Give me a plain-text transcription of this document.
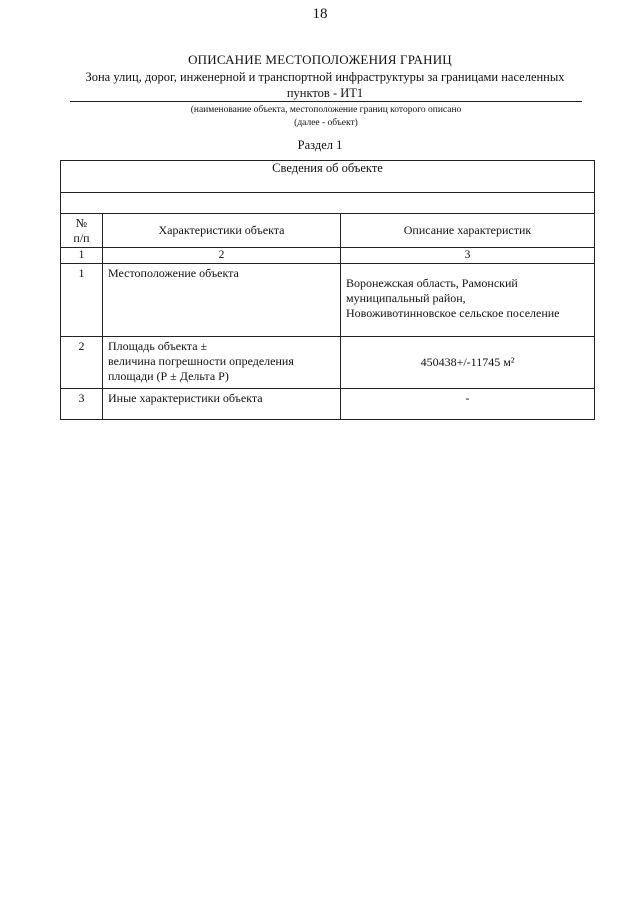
18
ОПИСАНИЕ МЕСТОПОЛОЖЕНИЯ ГРАНИЦ
Зона улиц, дорог, инженерной и транспортной инфраструктуры за границами населенных
пунктов - ИТ1
(наименование объекта, местоположение границ которого описано
(далее - объект)
Раздел 1
Сведения об объекте		

№
п/п	Характеристики объекта	Описание характеристик
1	2	3
1	Местоположение объекта	Воронежская область, Рамонский
муниципальный район,
Новоживотинновское сельское поселение

2	Площадь объекта ±
величина погрешности определения
площади (Р ± Дельта Р)	450438+/-11745 м²

3	Иные характеристики объекта	-
